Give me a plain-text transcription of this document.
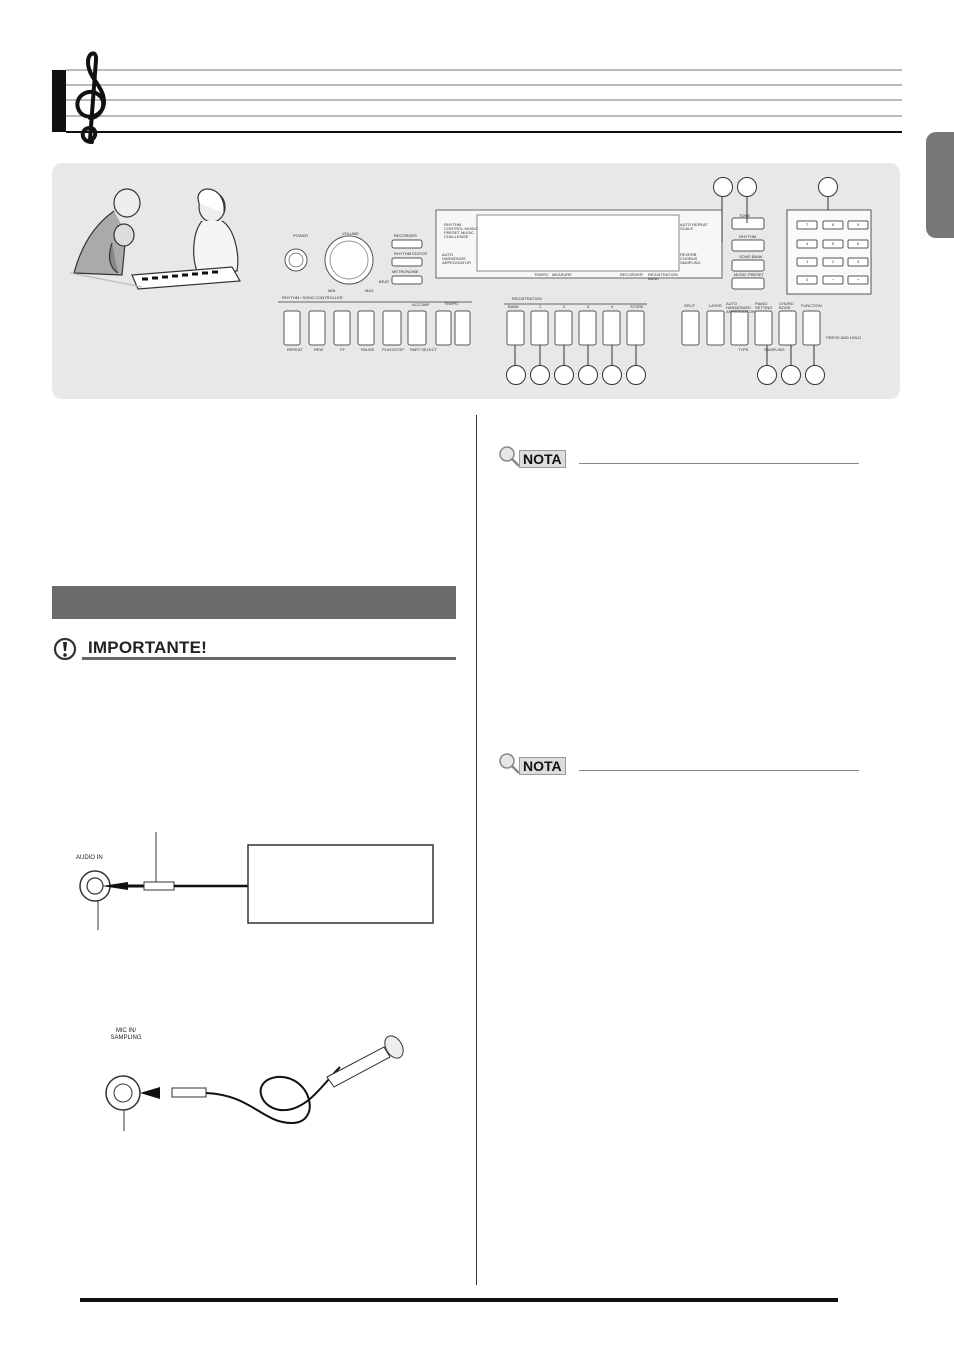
POWER	VOLUME
MIN	MAX
RECORDER
RHYTHM EDITOR
METRONOME
BEAT
RHYTHM CONTROL MUSIC PRESET MUSIC CHALLENGE
AUTO HARMONIZE ARPEGGIATOR
AUTO REPEAT SCALE
REVERB CHORUS SAMPLING
TEMPO MEASURE	RECORDER REGISTRATION BANK
TONE
RHYTHM
SONG BANK
MUSIC PRESET
RHYTHM / SONG CONTROLLER
TEMPO
REGISTRATION
BANK	1	2	3	4	STORE	SPLIT	LAYER AUTO HARMONIZE/ ARPEGGIATOR
PIANO SETTING
CHORD BOOK	FUNCTION
PLAY/STOP PART SELECT
REPEAT	REW	FF	PAUSE
ACCOMP
TYPE	SAMPLING
PRESS AND HOLD
7	8	9
4	5	6
1	2	3
0	−	+
IMPORTANTE!
NOTA
NOTA
AUDIO IN
MIC IN/ SAMPLING
